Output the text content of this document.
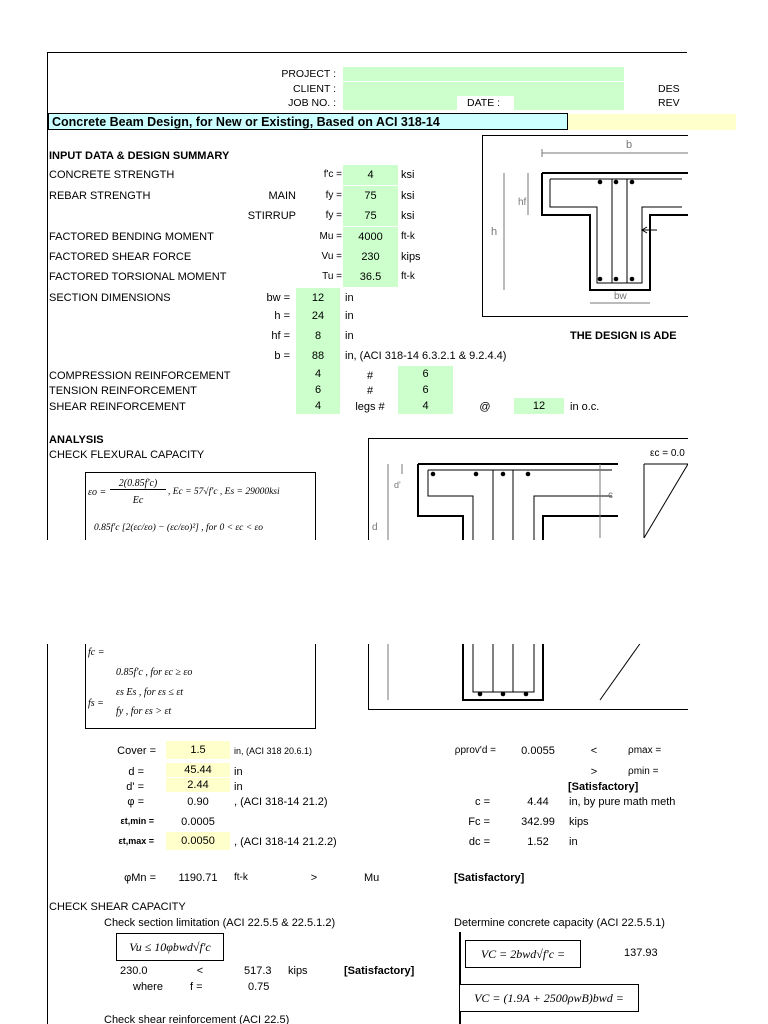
PROJECT :
CLIENT :
JOB NO. :	DATE :
DES
REV
Concrete Beam Design, for New or Existing, Based on ACI 318-14
INPUT DATA & DESIGN SUMMARY
CONCRETE STRENGTH	f'c =	4	ksi
REBAR STRENGTH	MAIN	fy =	75	ksi
STIRRUP	fy =	75	ksi
FACTORED BENDING MOMENT	Mu =	4000	ft-k
FACTORED SHEAR FORCE	Vu =	230	kips
FACTORED TORSIONAL MOMENT	Tu =	36.5	ft-k
SECTION DIMENSIONS	bw =	12	in
h =	24	in
hf =	8	in
b =	88	in, (ACI 318-14 6.3.2.1 & 9.2.4.4)
THE DESIGN IS ADE
COMPRESSION REINFORCEMENT	4	#	6
TENSION REINFORCEMENT	6	#	6
SHEAR REINFORCEMENT	4	legs #	4	@	12	in o.c.
b
h
hf
bw
ANALYSIS
CHECK FLEXURAL CAPACITY
εo =
2(0.85f'c)
Ec
, Ec = 57√f'c , Es = 29000ksi
0.85f'c [2(εc/εo) − (εc/εo)²] , for 0 < εc < εo
fc =
0.85f'c , for εc ≥ εo
fs =
εs Es , for εs ≤ εt
fy , for εs > εt
εc = 0.0
d
d'
c
Cover =	1.5	in, (ACI 318 20.6.1)
d =	45.44	in
d' =	2.44	in
φ =	0.90	, (ACI 318-14 21.2)
εt,min =	0.0005
εt,max =	0.0050	, (ACI 318-14 21.2.2)
ρprov'd =	0.0055	<	ρmax =
>	ρmin =
[Satisfactory]
c =	4.44	in, by pure math meth
Fc =	342.99	kips
dc =	1.52	in
φMn =	1190.71	ft-k	>	Mu	[Satisfactory]
CHECK SHEAR CAPACITY
Check section limitation (ACI 22.5.5 & 22.5.1.2)	Determine concrete capacity (ACI 22.5.5.1)
Vu ≤ 10φbwd√f'c
230.0	<	517.3 kips	[Satisfactory]
where f =	0.75
Check shear reinforcement (ACI 22.5)
VC = 2bwd√f'c =	137.93
VC = (1.9A + 2500ρwB)bwd =
